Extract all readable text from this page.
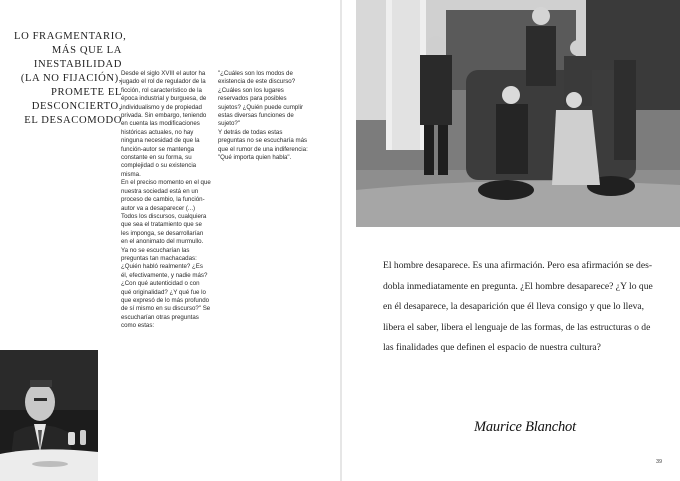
LO FRAGMENTARIO,
MÁS QUE LA
INESTABILIDAD
(LA NO FIJACIÓN),
PROMETE EL
DESCONCIERTO,
EL DESACOMODO

Desde el siglo XVIII el autor ha jugado el rol de regulador de la ficción, rol característico de la época industrial y burguesa, de individualismo y de propiedad privada. Sin embargo, teniendo en cuenta las modificaciones históricas actuales, no hay ninguna necesidad de que la función-autor se mantenga constante en su forma, su complejidad o su existencia misma.

En el preciso momento en el que nuestra sociedad está en un proceso de cambio, la función-autor va a desaparecer (...)

Todos los discursos, cualquiera que sea el tratamiento que se les imponga, se desarrollarían en el anonimato del murmullo.

Ya no se escucharían las preguntas tan machacadas: ¿Quién habló realmente? ¿Es él, efectivamente, y nadie más? ¿Con qué autenticidad o con qué originalidad? ¿Y qué fue lo que expresó de lo más profundo de sí mismo en su discurso?" Se escucharían otras preguntas como estas:

"¿Cuáles son los modos de existencia de este discurso? ¿Cuáles son los lugares reservados para posibles sujetos? ¿Quién puede cumplir estas diversas funciones de sujeto?"

Y detrás de todas estas preguntas no se escucharía más que el rumor de una indiferencia: "Qué importa quien habla".

El hombre desaparece. Es una afirmación. Pero esa afirmación se des-
dobla inmediatamente en pregunta. ¿El hombre desaparece? ¿Y lo que
en él desaparece, la desaparición que él lleva consigo y que lo lleva,
libera el saber, libera el lenguaje de las formas, de las estructuras o de
las finalidades que definen el espacio de nuestra cultura?
Maurice Blanchot
39
